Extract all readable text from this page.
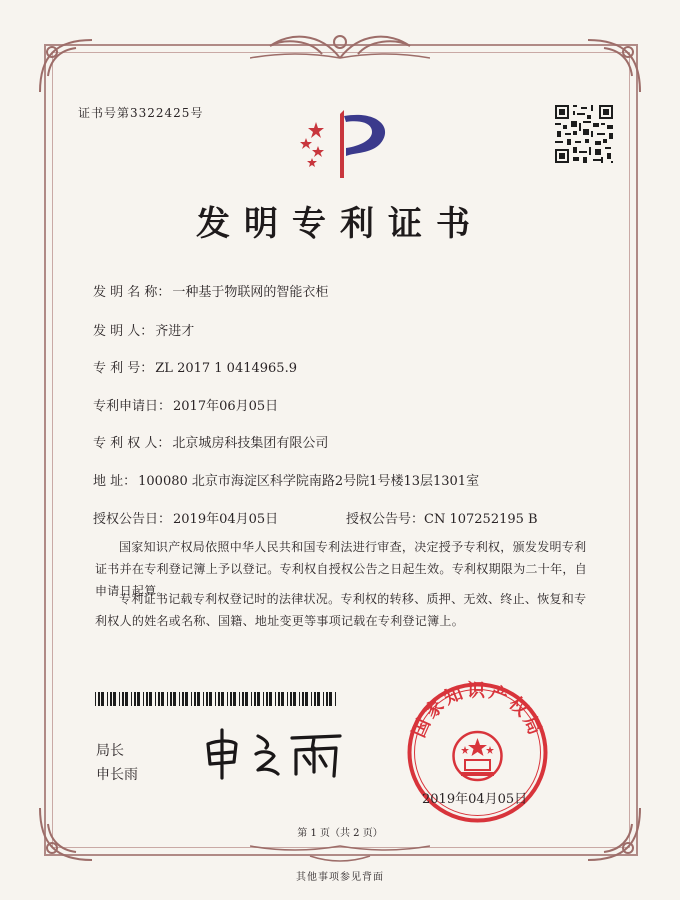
证书号第3322425号
发明专利证书
发 明 名 称： 一种基于物联网的智能衣柜
发 明 人： 齐进才
专 利 号： ZL 2017 1 0414965.9
专利申请日： 2017年06月05日
专 利 权 人： 北京城房科技集团有限公司
地 址： 100080 北京市海淀区科学院南路2号院1号楼13层1301室
授权公告日： 2019年04月05日	授权公告号：CN 107252195 B
国家知识产权局依照中华人民共和国专利法进行审查，决定授予专利权，颁发发明专利证书并在专利登记簿上予以登记。专利权自授权公告之日起生效。专利权期限为二十年，自申请日起算。
专利证书记载专利权登记时的法律状况。专利权的转移、质押、无效、终止、恢复和专利权人的姓名或名称、国籍、地址变更等事项记载在专利登记簿上。
局长
申长雨
国家知识产权局
2019年04月05日
第 1 页（共 2 页）
其他事项参见背面
